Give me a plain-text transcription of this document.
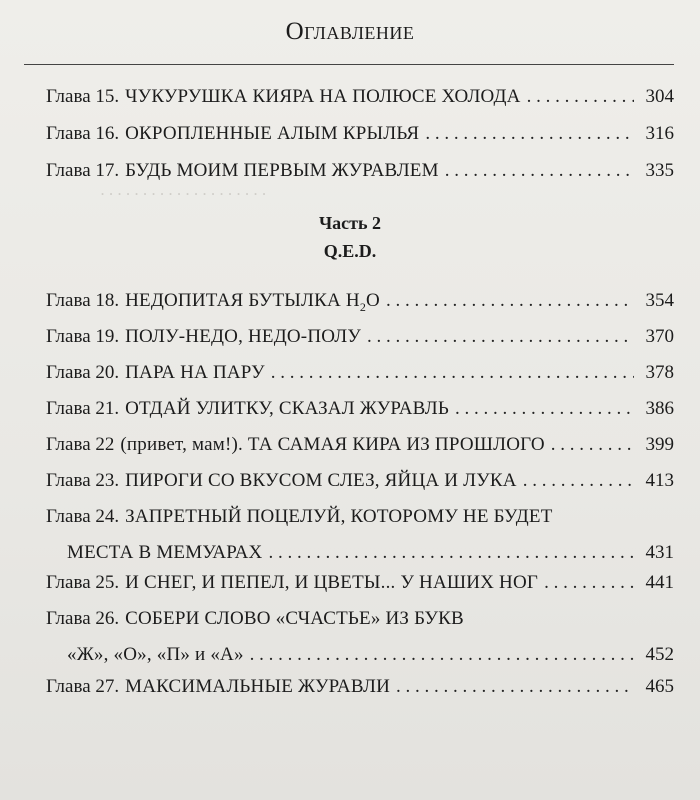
. . . . . . . . . . . . . . . . . . . .
Оглавление
Глава 15. ЧУКУРУШКА КИЯРА НА ПОЛЮСЕ ХОЛОДА . . .	304
Глава 16. ОКРОПЛЕННЫЕ АЛЫМ КРЫЛЬЯ . . .	316
Глава 17. БУДЬ МОИМ ПЕРВЫМ ЖУРАВЛЕМ . . .	335
Часть 2
Q.E.D.
Глава 18. НЕДОПИТАЯ БУТЫЛКА $H_2O$ . . .	354
Глава 19. ПОЛУ-НЕДО, НЕДО-ПОЛУ . . .	370
Глава 20. ПАРА НА ПАРУ . . .	378
Глава 21. ОТДАЙ УЛИТКУ, СКАЗАЛ ЖУРАВЛЬ . . .	386
Глава 22 (привет, мам!). ТА САМАЯ КИРА ИЗ ПРОШЛОГО . . .	399
Глава 23. ПИРОГИ СО ВКУСОМ СЛЕЗ, ЯЙЦА И ЛУКА . . .	413
Глава 24. ЗАПРЕТНЫЙ ПОЦЕЛУЙ, КОТОРОМУ НЕ БУДЕТ
МЕСТА В МЕМУАРАХ . . .	431
Глава 25. И СНЕГ, И ПЕПЕЛ, И ЦВЕТЫ... У НАШИХ НОГ . . .	441
Глава 26. СОБЕРИ СЛОВО «СЧАСТЬЕ» ИЗ БУКВ
«Ж», «О», «П» и «А» . . .	452
Глава 27. МАКСИМАЛЬНЫЕ ЖУРАВЛИ . . .	465
